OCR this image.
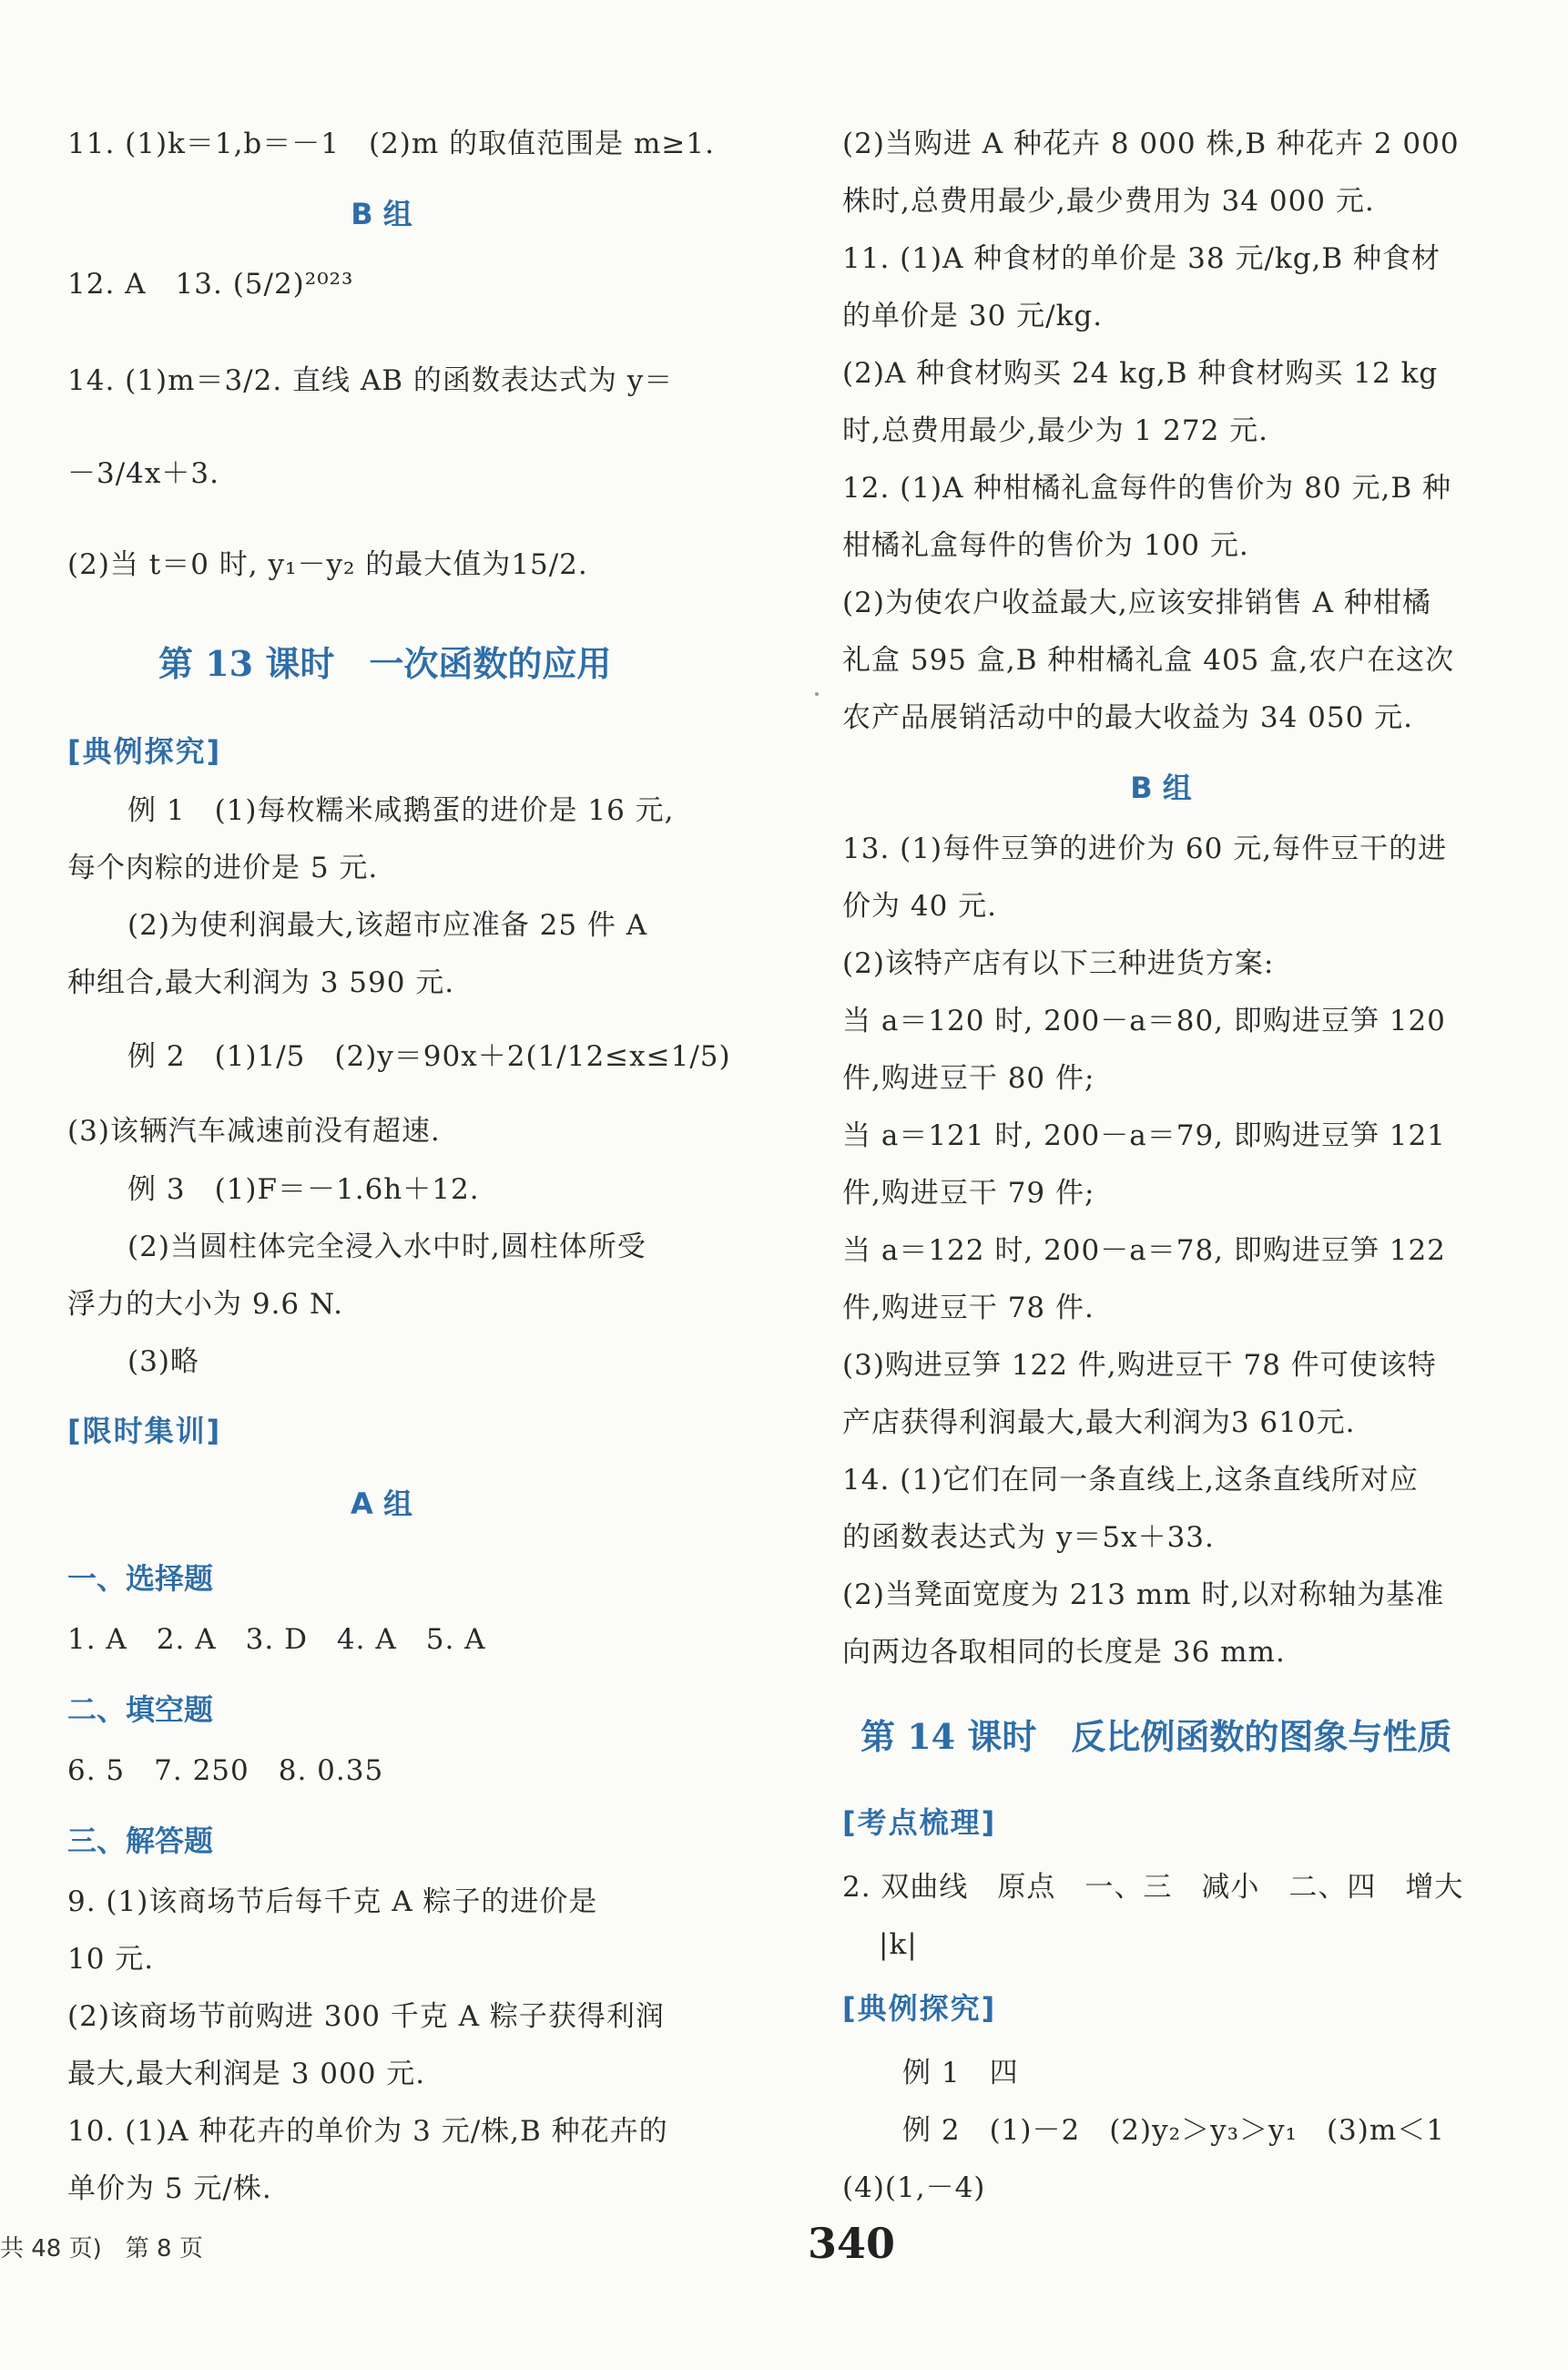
11. (1)k＝1,b＝－1　(2)m 的取值范围是 m≥1.
B 组
12. A　13. (5/2)²⁰²³
14. (1)m＝3/2. 直线 AB 的函数表达式为 y＝
－3/4x＋3.
(2)当 t＝0 时, y₁－y₂ 的最大值为15/2.
第 13 课时　一次函数的应用
[典例探究]
例 1　(1)每枚糯米咸鹅蛋的进价是 16 元,
每个肉粽的进价是 5 元.
(2)为使利润最大,该超市应准备 25 件 A
种组合,最大利润为 3 590 元.
例 2　(1)1/5　(2)y＝90x＋2(1/12≤x≤1/5)
(3)该辆汽车减速前没有超速.
例 3　(1)F＝－1.6h＋12.
(2)当圆柱体完全浸入水中时,圆柱体所受
浮力的大小为 9.6 N.
(3)略
[限时集训]
A 组
一、选择题
1. A　2. A　3. D　4. A　5. A
二、填空题
6. 5　7. 250　8. 0.35
三、解答题
9. (1)该商场节后每千克 A 粽子的进价是
10 元.
(2)该商场节前购进 300 千克 A 粽子获得利润
最大,最大利润是 3 000 元.
10. (1)A 种花卉的单价为 3 元/株,B 种花卉的
单价为 5 元/株.
(2)当购进 A 种花卉 8 000 株,B 种花卉 2 000
株时,总费用最少,最少费用为 34 000 元.
11. (1)A 种食材的单价是 38 元/kg,B 种食材
的单价是 30 元/kg.
(2)A 种食材购买 24 kg,B 种食材购买 12 kg
时,总费用最少,最少为 1 272 元.
12. (1)A 种柑橘礼盒每件的售价为 80 元,B 种
柑橘礼盒每件的售价为 100 元.
(2)为使农户收益最大,应该安排销售 A 种柑橘
礼盒 595 盒,B 种柑橘礼盒 405 盒,农户在这次
农产品展销活动中的最大收益为 34 050 元.
B 组
13. (1)每件豆笋的进价为 60 元,每件豆干的进
价为 40 元.
(2)该特产店有以下三种进货方案:
当 a＝120 时, 200－a＝80, 即购进豆笋 120
件,购进豆干 80 件;
当 a＝121 时, 200－a＝79, 即购进豆笋 121
件,购进豆干 79 件;
当 a＝122 时, 200－a＝78, 即购进豆笋 122
件,购进豆干 78 件.
(3)购进豆笋 122 件,购进豆干 78 件可使该特
产店获得利润最大,最大利润为3 610元.
14. (1)它们在同一条直线上,这条直线所对应
的函数表达式为 y＝5x＋33.
(2)当凳面宽度为 213 mm 时,以对称轴为基准
向两边各取相同的长度是 36 mm.
第 14 课时　反比例函数的图象与性质
[考点梳理]
2. 双曲线　原点　一、三　减小　二、四　增大
|k|
[典例探究]
例 1　四
例 2　(1)－2　(2)y₂＞y₃＞y₁　(3)m＜1
(4)(1,－4)
共 48 页)　第 8 页	340
